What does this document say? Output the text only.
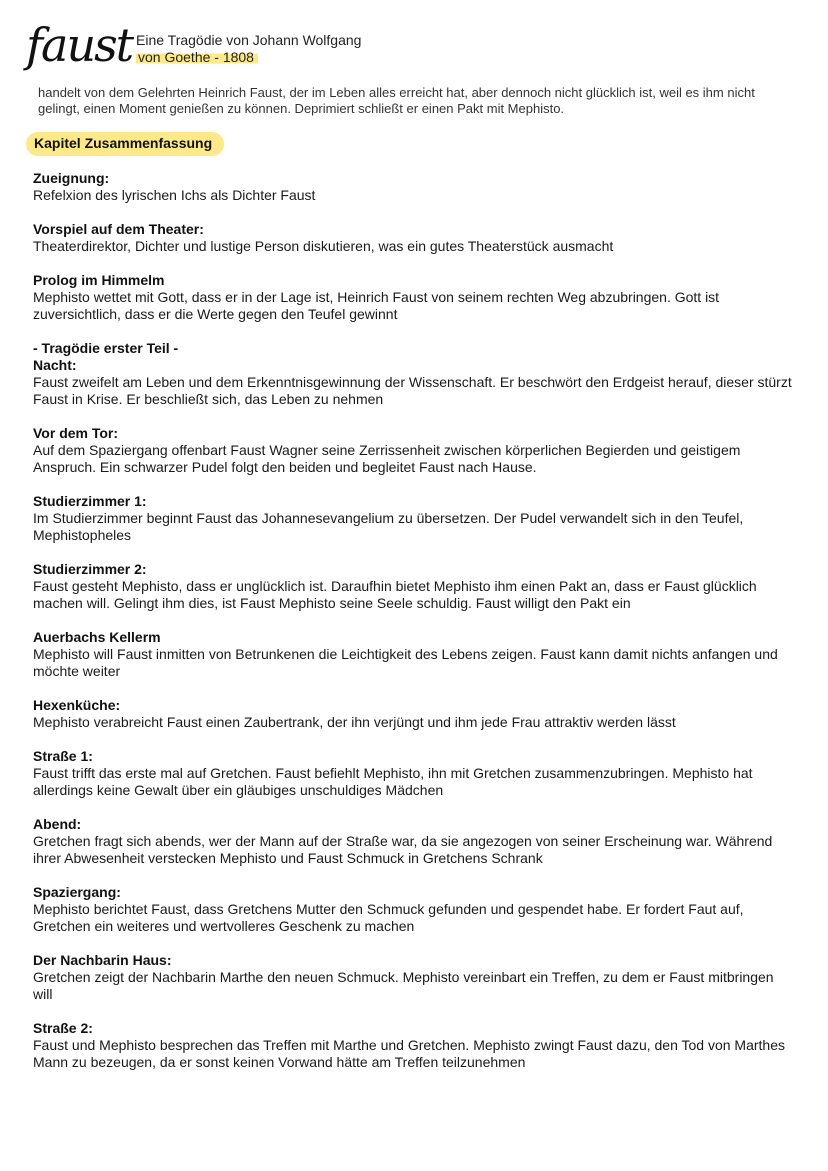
faust Eine Tragödie von Johann Wolfgang
von Goethe - 1808
handelt von dem Gelehrten Heinrich Faust, der im Leben alles erreicht hat, aber dennoch nicht glücklich ist, weil es ihm nicht gelingt, einen Moment genießen zu können. Deprimiert schließt er einen Pakt mit Mephisto.
Kapitel Zusammenfassung
Zueignung:

Refelxion des lyrischen Ichs als Dichter Faust

Vorspiel auf dem Theater:

Theaterdirektor, Dichter und lustige Person diskutieren, was ein gutes Theaterstück ausmacht

Prolog im Himmelm

Mephisto wettet mit Gott, dass er in der Lage ist, Heinrich Faust von seinem rechten Weg abzubringen. Gott ist zuversichtlich, dass er die Werte gegen den Teufel gewinnt

- Tragödie erster Teil -
Nacht:

Faust zweifelt am Leben und dem Erkenntnisgewinnung der Wissenschaft. Er beschwört den Erdgeist herauf, dieser stürzt Faust in Krise. Er beschließt sich, das Leben zu nehmen

Vor dem Tor:

Auf dem Spaziergang offenbart Faust Wagner seine Zerrissenheit zwischen körperlichen Begierden und geistigem Anspruch. Ein schwarzer Pudel folgt den beiden und begleitet Faust nach Hause.

Studierzimmer 1:

Im Studierzimmer beginnt Faust das Johannesevangelium zu übersetzen. Der Pudel verwandelt sich in den Teufel, Mephistopheles

Studierzimmer 2:

Faust gesteht Mephisto, dass er unglücklich ist. Daraufhin bietet Mephisto ihm einen Pakt an, dass er Faust glücklich machen will. Gelingt ihm dies, ist Faust Mephisto seine Seele schuldig. Faust willigt den Pakt ein

Auerbachs Kellerm

Mephisto will Faust inmitten von Betrunkenen die Leichtigkeit des Lebens zeigen. Faust kann damit nichts anfangen und möchte weiter

Hexenküche:

Mephisto verabreicht Faust einen Zaubertrank, der ihn verjüngt und ihm jede Frau attraktiv werden lässt

Straße 1:

Faust trifft das erste mal auf Gretchen. Faust befiehlt Mephisto, ihn mit Gretchen zusammenzubringen. Mephisto hat allerdings keine Gewalt über ein gläubiges unschuldiges Mädchen

Abend:

Gretchen fragt sich abends, wer der Mann auf der Straße war, da sie angezogen von seiner Erscheinung war. Während ihrer Abwesenheit verstecken Mephisto und Faust Schmuck in Gretchens Schrank

Spaziergang:

Mephisto berichtet Faust, dass Gretchens Mutter den Schmuck gefunden und gespendet habe. Er fordert Faut auf, Gretchen ein weiteres und wertvolleres Geschenk zu machen

Der Nachbarin Haus:

Gretchen zeigt der Nachbarin Marthe den neuen Schmuck. Mephisto vereinbart ein Treffen, zu dem er Faust mitbringen will

Straße 2:

Faust und Mephisto besprechen das Treffen mit Marthe und Gretchen. Mephisto zwingt Faust dazu, den Tod von Marthes Mann zu bezeugen, da er sonst keinen Vorwand hätte am Treffen teilzunehmen
